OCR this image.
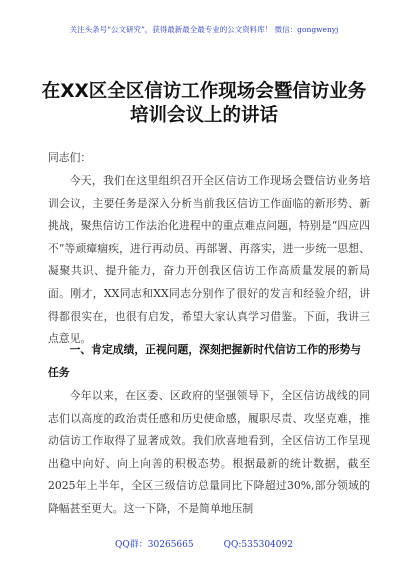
关注头条号“公文研究”，获得最新最全最专业的公文资料库！ 微信：gongwenyj
在XX区全区信访工作现场会暨信访业务培训会议上的讲话
同志们：

今天，我们在这里组织召开全区信访工作现场会暨信访业务培训会议，主要任务是深入分析当前我区信访工作面临的新形势、新挑战，聚焦信访工作法治化进程中的重点难点问题，特别是“四应四不”等顽瘴痼疾，进行再动员、再部署、再落实，进一步统一思想、凝聚共识、提升能力，奋力开创我区信访工作高质量发展的新局面。刚才，XX同志和XX同志分别作了很好的发言和经验介绍，讲得都很实在，也很有启发，希望大家认真学习借鉴。下面，我讲三点意见。

一、肯定成绩，正视问题，深刻把握新时代信访工作的形势与任务

今年以来，在区委、区政府的坚强领导下，全区信访战线的同志们以高度的政治责任感和历史使命感，履职尽责、攻坚克难，推动信访工作取得了显著成效。我们欣喜地看到，全区信访工作呈现出稳中向好、向上向善的积极态势。根据最新的统计数据，截至2025年上半年，全区三级信访总量同比下降超过30%,部分领域的降幅甚至更大。这一下降，不是简单地压制

QQ群：30265665	QQ:535304092
